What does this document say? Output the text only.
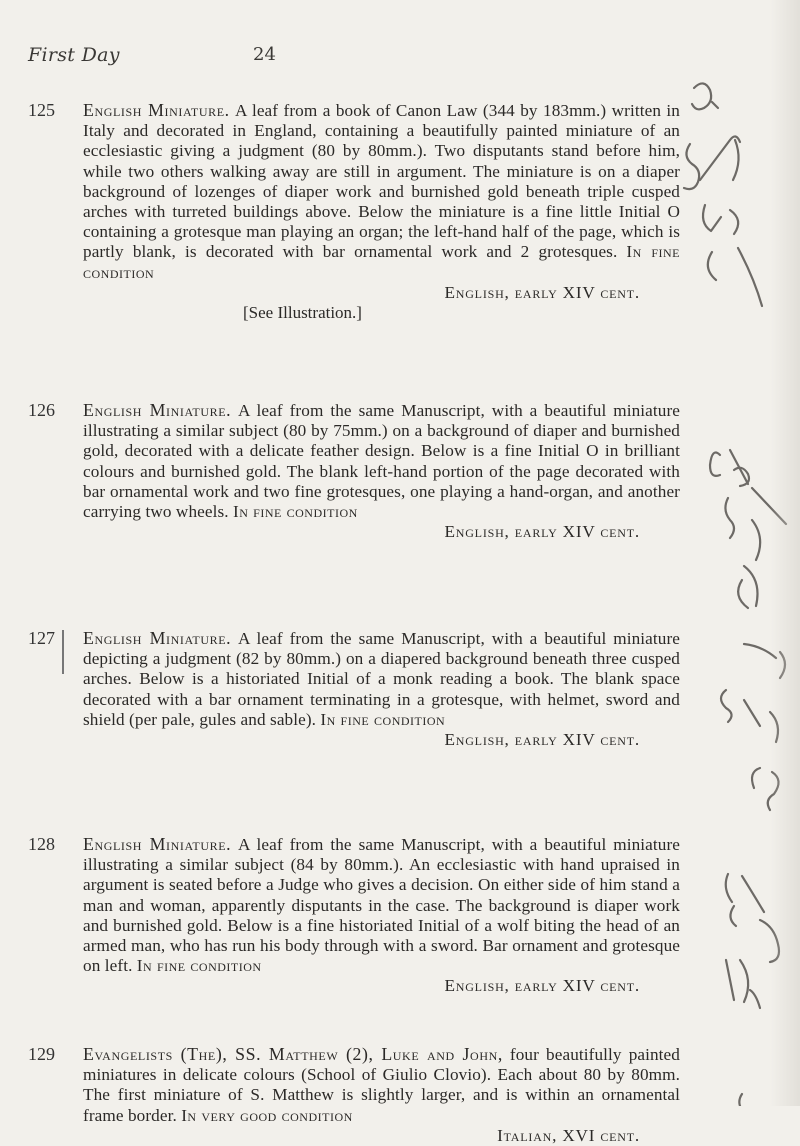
First Day	24
125 English Miniature. A leaf from a book of Canon Law (344 by 183mm.) written in Italy and decorated in England, containing a beautifully painted miniature of an ecclesiastic giving a judgment (80 by 80mm.). Two disputants stand before him, while two others walking away are still in argument. The miniature is on a diaper background of lozenges of diaper work and burnished gold beneath triple cusped arches with turreted buildings above. Below the miniature is a fine little Initial O containing a grotesque man playing an organ; the left-hand half of the page, which is partly blank, is decorated with bar ornamental work and 2 grotesques. In fine condition
English, early XIV cent.
[See Illustration.]
126 English Miniature. A leaf from the same Manuscript, with a beautiful miniature illustrating a similar subject (80 by 75mm.) on a background of diaper and burnished gold, decorated with a delicate feather design. Below is a fine Initial O in brilliant colours and burnished gold. The blank left-hand portion of the page decorated with bar ornamental work and two fine grotesques, one playing a hand-organ, and another carrying two wheels. In fine condition
English, early XIV cent.
127 English Miniature. A leaf from the same Manuscript, with a beautiful miniature depicting a judgment (82 by 80mm.) on a diapered background beneath three cusped arches. Below is a historiated Initial of a monk reading a book. The blank space decorated with a bar ornament terminating in a grotesque, with helmet, sword and shield (per pale, gules and sable). In fine condition
English, early XIV cent.
128 English Miniature. A leaf from the same Manuscript, with a beautiful miniature illustrating a similar subject (84 by 80mm.). An ecclesiastic with hand upraised in argument is seated before a Judge who gives a decision. On either side of him stand a man and woman, apparently disputants in the case. The background is diaper work and burnished gold. Below is a fine historiated Initial of a wolf biting the head of an armed man, who has run his body through with a sword. Bar ornament and grotesque on left. In fine condition
English, early XIV cent.
129 Evangelists (The), SS. Matthew (2), Luke and John, four beautifully painted miniatures in delicate colours (School of Giulio Clovio). Each about 80 by 80mm. The first miniature of S. Matthew is slightly larger, and is within an ornamental frame border. In very good condition
Italian, XVI cent.
